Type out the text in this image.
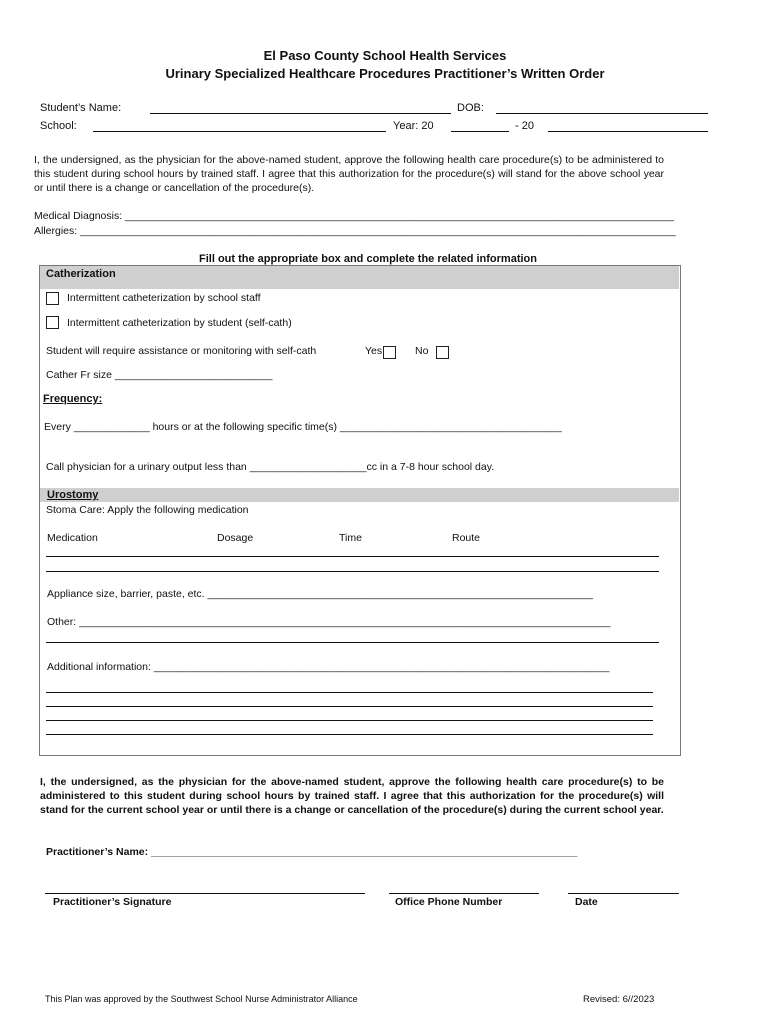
El Paso County School Health Services
Urinary Specialized Healthcare Procedures Practitioner’s Written Order
Student’s Name:	DOB:
School:	Year: 20	- 20
I, the undersigned, as the physician for the above-named student, approve the following health care procedure(s) to be administered to this student during school hours by trained staff. I agree that this authorization for the procedure(s) will stand for the above school year or until there is a change or cancellation of the procedure(s).
Medical Diagnosis: ______________________________________________________________________________________________
Allergies: ______________________________________________________________________________________________________
Fill out the appropriate box and complete the related information
Catherization
Intermittent catheterization by school staff
Intermittent catheterization by student (self-cath)
Student will require assistance or monitoring with self-cath	Yes	No
Cather Fr size ___________________________
Frequency:
Every _____________ hours or at the following specific time(s) ______________________________________
Call physician for a urinary output less than ____________________cc in a 7-8 hour school day.
Urostomy
Stoma Care: Apply the following medication
Medication	Dosage	Time	Route
Appliance size, barrier, paste, etc. __________________________________________________________________
Other: ___________________________________________________________________________________________
Additional information: ______________________________________________________________________________
I, the undersigned, as the physician for the above-named student, approve the following health care procedure(s) to be administered to this student during school hours by trained staff. I agree that this authorization for the procedure(s) will stand for the current school year or until there is a change or cancellation of the procedure(s) during the current school year.
Practitioner’s Name: _________________________________________________________________________
Practitioner’s Signature	Office Phone Number	Date
This Plan was approved by the Southwest School Nurse Administrator Alliance	Revised: 6//2023
